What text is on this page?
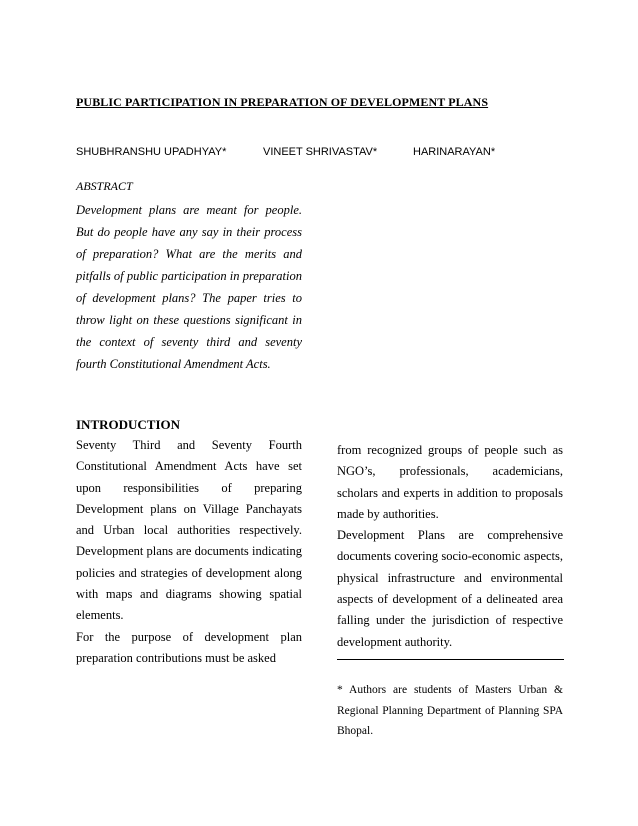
PUBLIC PARTICIPATION IN PREPARATION OF DEVELOPMENT PLANS
SHUBHRANSHU UPADHYAY*	VINEET SHRIVASTAV*	HARINARAYAN*
ABSTRACT
Development plans are meant for people. But do people have any say in their process of preparation? What are the merits and pitfalls of public participation in preparation of development plans? The paper tries to throw light on these questions significant in the context of seventy third and seventy fourth Constitutional Amendment Acts.
INTRODUCTION

Seventy Third and Seventy Fourth Constitutional Amendment Acts have set upon responsibilities of preparing Development plans on Village Panchayats and Urban local authorities respectively. Development plans are documents indicating policies and strategies of development along with maps and diagrams showing spatial elements.

For the purpose of development plan preparation contributions must be asked

from recognized groups of people such as NGO’s, professionals, academicians, scholars and experts in addition to proposals made by authorities.

Development Plans are comprehensive documents covering socio-economic aspects, physical infrastructure and environmental aspects of development of a delineated area falling under the jurisdiction of respective development authority.

* Authors are students of Masters Urban & Regional Planning Department of Planning SPA Bhopal.
